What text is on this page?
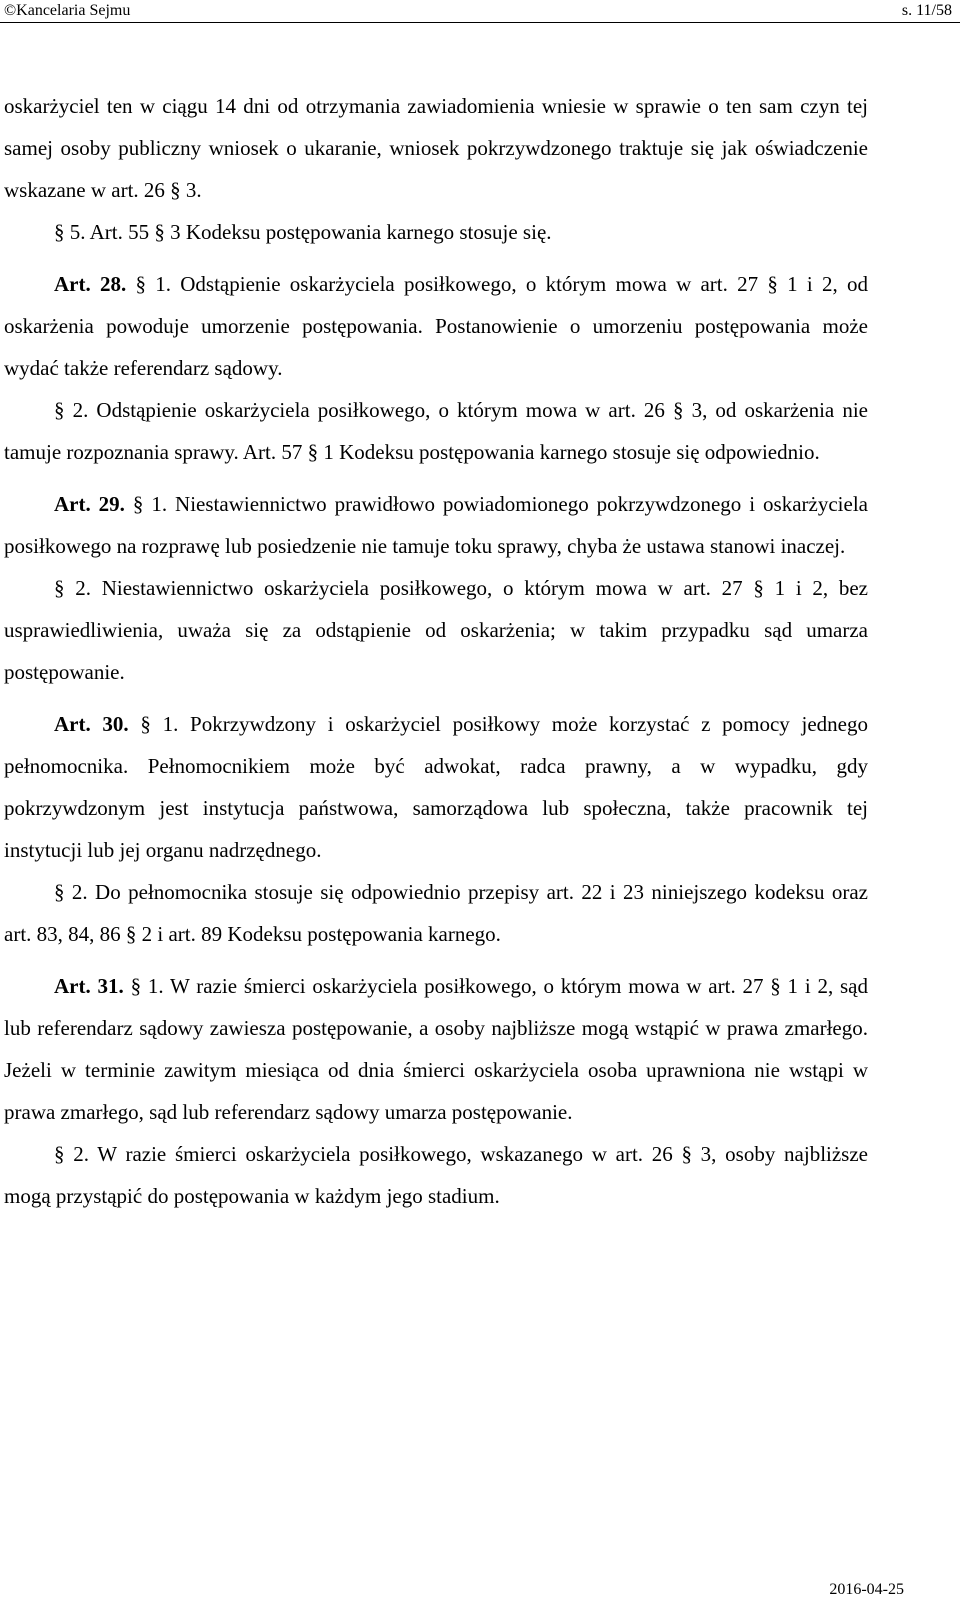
©Kancelaria Sejmu	s. 11/58

oskarżyciel ten w ciągu 14 dni od otrzymania zawiadomienia wniesie w sprawie o ten sam czyn tej samej osoby publiczny wniosek o ukaranie, wniosek pokrzywdzonego traktuje się jak oświadczenie wskazane w art. 26 § 3.

§ 5. Art. 55 § 3 Kodeksu postępowania karnego stosuje się.

Art. 28. § 1. Odstąpienie oskarżyciela posiłkowego, o którym mowa w art. 27 § 1 i 2, od oskarżenia powoduje umorzenie postępowania. Postanowienie o umorzeniu postępowania może wydać także referendarz sądowy.

§ 2. Odstąpienie oskarżyciela posiłkowego, o którym mowa w art. 26 § 3, od oskarżenia nie tamuje rozpoznania sprawy. Art. 57 § 1 Kodeksu postępowania karnego stosuje się odpowiednio.

Art. 29. § 1. Niestawiennictwo prawidłowo powiadomionego pokrzywdzonego i oskarżyciela posiłkowego na rozprawę lub posiedzenie nie tamuje toku sprawy, chyba że ustawa stanowi inaczej.

§ 2. Niestawiennictwo oskarżyciela posiłkowego, o którym mowa w art. 27 § 1 i 2, bez usprawiedliwienia, uważa się za odstąpienie od oskarżenia; w takim przypadku sąd umarza postępowanie.

Art. 30. § 1. Pokrzywdzony i oskarżyciel posiłkowy może korzystać z pomocy jednego pełnomocnika. Pełnomocnikiem może być adwokat, radca prawny, a w wypadku, gdy pokrzywdzonym jest instytucja państwowa, samorządowa lub społeczna, także pracownik tej instytucji lub jej organu nadrzędnego.

§ 2. Do pełnomocnika stosuje się odpowiednio przepisy art. 22 i 23 niniejszego kodeksu oraz art. 83, 84, 86 § 2 i art. 89 Kodeksu postępowania karnego.

Art. 31. § 1. W razie śmierci oskarżyciela posiłkowego, o którym mowa w art. 27 § 1 i 2, sąd lub referendarz sądowy zawiesza postępowanie, a osoby najbliższe mogą wstąpić w prawa zmarłego. Jeżeli w terminie zawitym miesiąca od dnia śmierci oskarżyciela osoba uprawniona nie wstąpi w prawa zmarłego, sąd lub referendarz sądowy umarza postępowanie.

§ 2. W razie śmierci oskarżyciela posiłkowego, wskazanego w art. 26 § 3, osoby najbliższe mogą przystąpić do postępowania w każdym jego stadium.

2016-04-25
